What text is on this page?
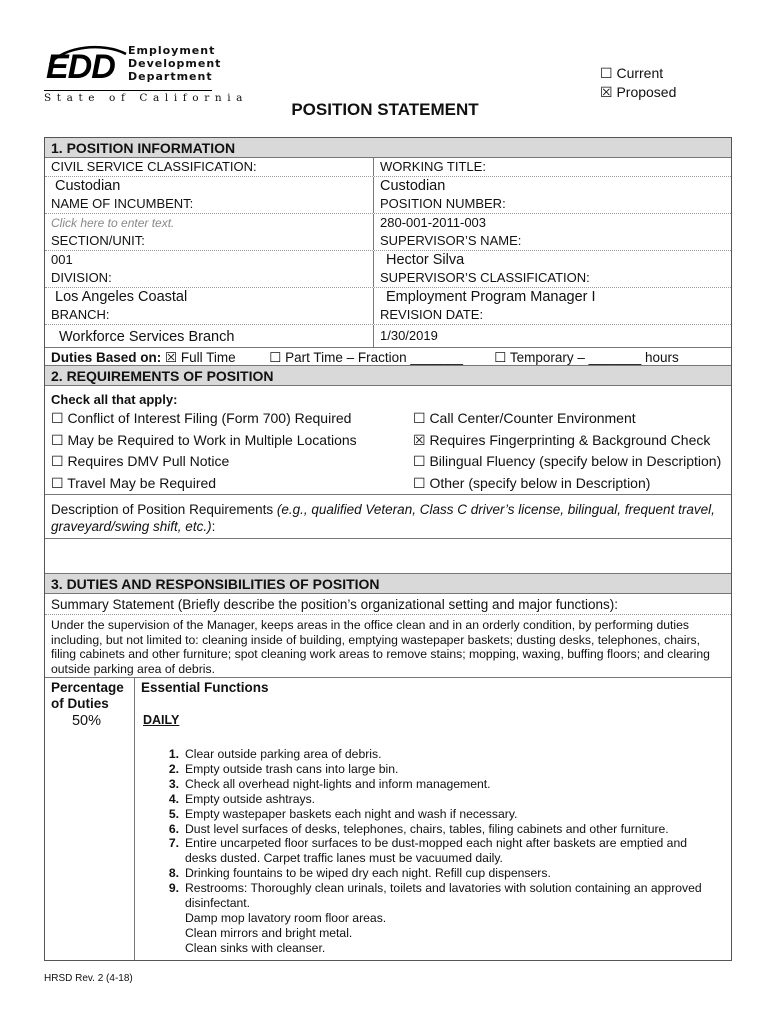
EDD Employment
Development
Department
State of California
☐ Current
☒ Proposed
POSITION STATEMENT
1. POSITION INFORMATION
CIVIL SERVICE CLASSIFICATION:	WORKING TITLE:
Custodian	Custodian
NAME OF INCUMBENT:	POSITION NUMBER:
Click here to enter text.	280-001-2011-003
SECTION/UNIT:	SUPERVISOR’S NAME:
001	Hector Silva
DIVISION:	SUPERVISOR’S CLASSIFICATION:
Los Angeles Coastal	Employment Program Manager I
BRANCH:	REVISION DATE:
Workforce Services Branch	1/30/2019
Duties Based on: ☒ Full Time	☐ Part Time – Fraction _______	☐ Temporary – _______ hours
2. REQUIREMENTS OF POSITION
Check all that apply:
☐ Conflict of Interest Filing (Form 700) Required	☐ Call Center/Counter Environment
☐ May be Required to Work in Multiple Locations	☒ Requires Fingerprinting & Background Check
☐ Requires DMV Pull Notice	☐ Bilingual Fluency (specify below in Description)
☐ Travel May be Required	☐ Other (specify below in Description)
Description of Position Requirements (e.g., qualified Veteran, Class C driver’s license, bilingual, frequent travel, graveyard/swing shift, etc.):
3. DUTIES AND RESPONSIBILITIES OF POSITION
Summary Statement (Briefly describe the position’s organizational setting and major functions):
Under the supervision of the Manager, keeps areas in the office clean and in an orderly condition, by performing duties including, but not limited to: cleaning inside of building, emptying wastepaper baskets; dusting desks, telephones, chairs, filing cabinets and other furniture; spot cleaning work areas to remove stains; mopping, waxing, buffing floors; and clearing outside parking area of debris.
Percentage of Duties
50%
Essential Functions
DAILY
1. Clear outside parking area of debris.
2. Empty outside trash cans into large bin.
3. Check all overhead night-lights and inform management.
4. Empty outside ashtrays.
5. Empty wastepaper baskets each night and wash if necessary.
6. Dust level surfaces of desks, telephones, chairs, tables, filing cabinets and other furniture.
7. Entire uncarpeted floor surfaces to be dust-mopped each night after baskets are emptied and desks dusted. Carpet traffic lanes must be vacuumed daily.
8. Drinking fountains to be wiped dry each night. Refill cup dispensers.
9. Restrooms: Thoroughly clean urinals, toilets and lavatories with solution containing an approved disinfectant.
Damp mop lavatory room floor areas.
Clean mirrors and bright metal.
Clean sinks with cleanser.
HRSD Rev. 2 (4-18)
